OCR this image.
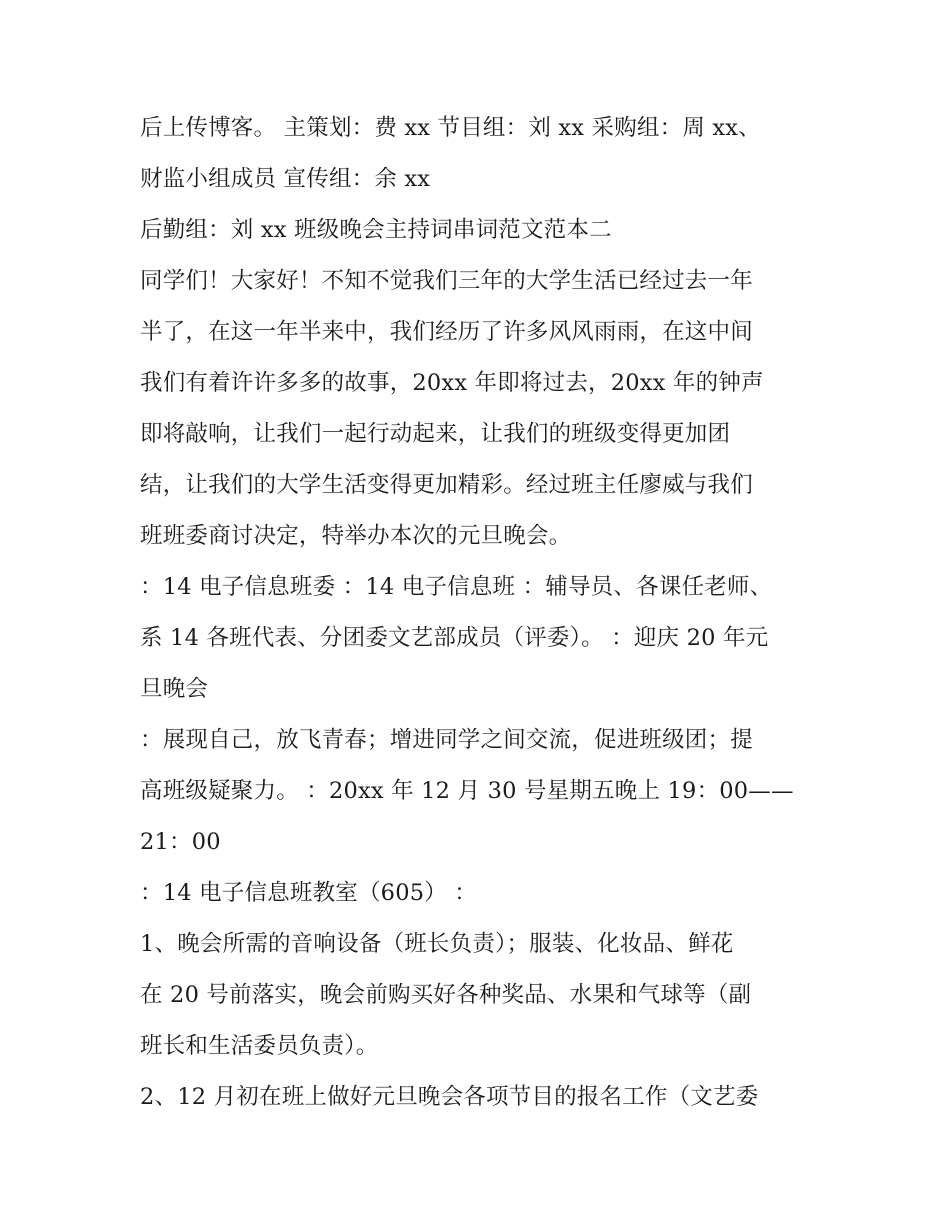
后上传博客。 主策划：费 xx 节目组：刘 xx 采购组：周 xx、
财监小组成员 宣传组：余 xx
后勤组：刘 xx 班级晚会主持词串词范文范本二
同学们！大家好！不知不觉我们三年的大学生活已经过去一年
半了，在这一年半来中，我们经历了许多风风雨雨，在这中间
我们有着许许多多的故事，20xx 年即将过去，20xx 年的钟声
即将敲响，让我们一起行动起来，让我们的班级变得更加团
结，让我们的大学生活变得更加精彩。经过班主任廖威与我们
班班委商讨决定，特举办本次的元旦晚会。
：14 电子信息班委 ：14 电子信息班 ：辅导员、各课任老师、
系 14 各班代表、分团委文艺部成员（评委）。 ：迎庆 20 年元
旦晚会
：展现自己，放飞青春；增进同学之间交流，促进班级团；提
高班级疑聚力。 ：20xx 年 12 月 30 号星期五晚上 19：00——
21：00
：14 电子信息班教室（605） ：
1、晚会所需的音响设备（班长负责）；服装、化妆品、鲜花
在 20 号前落实，晚会前购买好各种奖品、水果和气球等（副
班长和生活委员负责）。
2、12 月初在班上做好元旦晚会各项节目的报名工作（文艺委
